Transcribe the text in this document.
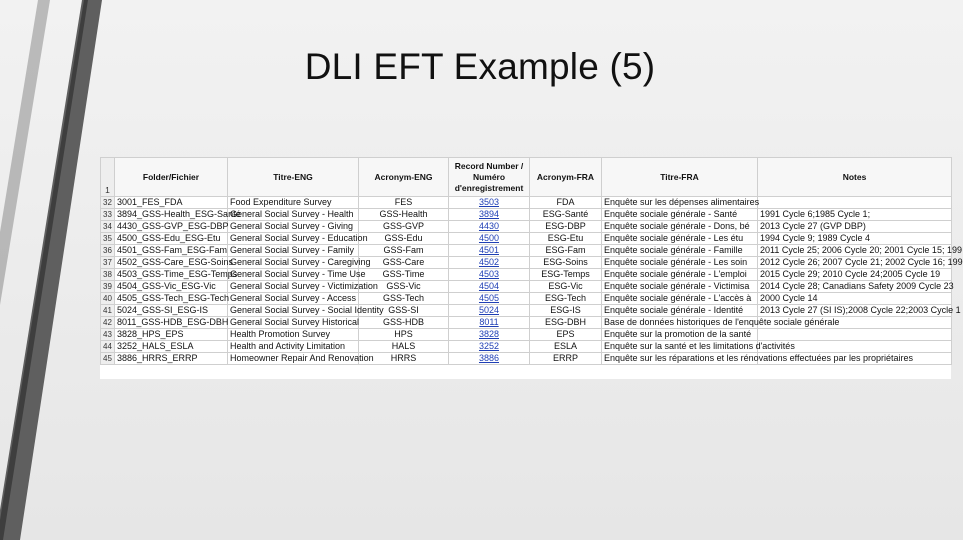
DLI EFT Example (5)
1	Folder/Fichier	Titre-ENG	Acronym-ENG	Record Number / Numéro d'enregistrement	Acronym-FRA	Titre-FRA	Notes
32	3001_FES_FDA	Food Expenditure Survey	FES	3503	FDA	Enquête sur les dépenses alimentaires	
33	3894_GSS-Health_ESG-Santé	General Social Survey - Health	GSS-Health	3894	ESG-Santé	Enquête sociale générale - Santé	1991 Cycle 6;1985 Cycle 1;
34	4430_GSS-GVP_ESG-DBP	General Social Survey - Giving	GSS-GVP	4430	ESG-DBP	Enquête sociale générale - Dons, bé	2013 Cycle 27 (GVP DBP)
35	4500_GSS-Edu_ESG-Etu	General Social Survey - Education	GSS-Edu	4500	ESG-Etu	Enquête sociale générale - Les étu	1994 Cycle 9; 1989 Cycle 4
36	4501_GSS-Fam_ESG-Fam	General Social Survey - Family	GSS-Fam	4501	ESG-Fam	Enquête sociale générale - Famille	2011 Cycle 25; 2006 Cycle 20; 2001 Cycle 15; 199
37	4502_GSS-Care_ESG-Soins	General Social Survey - Caregiving	GSS-Care	4502	ESG-Soins	Enquête sociale générale - Les soin	2012 Cycle 26; 2007 Cycle 21; 2002 Cycle 16; 199
38	4503_GSS-Time_ESG-Temps	General Social Survey - Time Use	GSS-Time	4503	ESG-Temps	Enquête sociale générale - L'emploi	2015 Cycle 29; 2010 Cycle 24;2005 Cycle 19
39	4504_GSS-Vic_ESG-Vic	General Social Survey - Victimization	GSS-Vic	4504	ESG-Vic	Enquête sociale générale - Victimisa	2014 Cycle 28; Canadians Safety 2009 Cycle 23
40	4505_GSS-Tech_ESG-Tech	General Social Survey - Access	GSS-Tech	4505	ESG-Tech	Enquête sociale générale - L'accès à	2000 Cycle 14
41	5024_GSS-SI_ESG-IS	General Social Survey - Social Identity	GSS-SI	5024	ESG-IS	Enquête sociale générale - Identité	2013 Cycle 27 (SI IS);2008 Cycle 22;2003 Cycle 1
42	8011_GSS-HDB_ESG-DBH	General Social Survey Historical	GSS-HDB	8011	ESG-DBH	Base de données historiques de l'enquête sociale générale	
43	3828_HPS_EPS	Health Promotion Survey	HPS	3828	EPS	Enquête sur la promotion de la santé	
44	3252_HALS_ESLA	Health and Activity Limitation	HALS	3252	ESLA	Enquête sur la santé et les limitations d'activités	
45	3886_HRRS_ERRP	Homeowner Repair And Renovation	HRRS	3886	ERRP	Enquête sur les réparations et les rénovations effectuées par les propriétaires	
